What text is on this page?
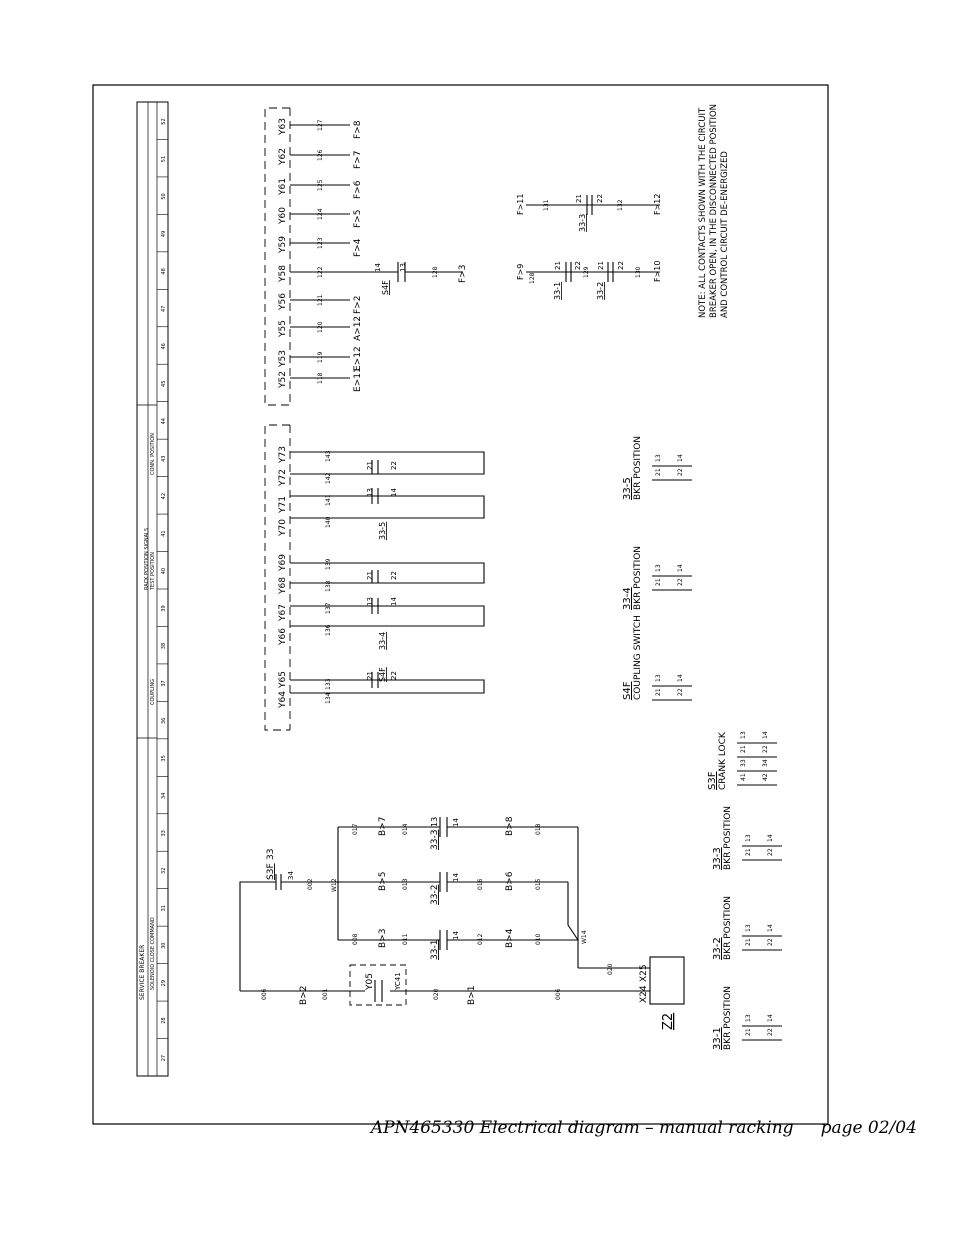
27
28
29
30
31
32
33
34
35
36
37
38
39
40
41
42
43
44
45
46
47
48
49
50
51
52
SERVICE BREAKER SOLENOID CLOSE COMMAND
COUPLING
RACK POSITION SIGNALS TEST POSITION
CONN. POSITION
X24
X25
Z2
Y05	YC41
B>2	B>1
B>3	B>4
B>5	B>6
B>7	B>8
S3F
33
34
33-1
33-2
33-3
13 14
14
14
W12
W14
006	001	020	006
020
002
008	011	012	010
013	016	015
017	014	018
Y64
Y65
Y66
Y67
Y68
Y69
Y70
Y71
Y72
Y73
134
133
136
137
138
139
140
141
142
143
S4F
33-4
33-5
21 22
13 14
21 22
13 14
21 22
Y52
Y53
Y55
Y56
Y58
Y59
Y60
Y61
Y62
Y63
118
119
120
121
122
123
124
125
126
127
128
E>11
E>12
A>12
F>2
F>4
F>5
F>6
F>7
F>8
F>3
S4F
14 13	F>9	F>10
F>11	F>12
33-1	33-2
33-3
21 22 21 22
21 22
128
129	130
131	132
33-1 BKR POSITION 13	14
21	22
33-2 BKR POSITION 13	14
21	22
33-3 BKR POSITION 13	14
21	22
S3F CRANK LOCK 13	14
21	22
33	34
41	42
S4F COUPLING SWITCH 13	14
21	22
33-4 BKR POSITION 13	14
21	22
33-5 BKR POSITION 13	14
21	22
NOTE: ALL CONTACTS SHOWN WITH THE CIRCUIT BREAKER OPEN, IN THE DISCONNECTED POSITION AND CONTROL CIRCUIT DE-ENERGIZED

APN465330 Electrical diagram – manual racking page 02/04
